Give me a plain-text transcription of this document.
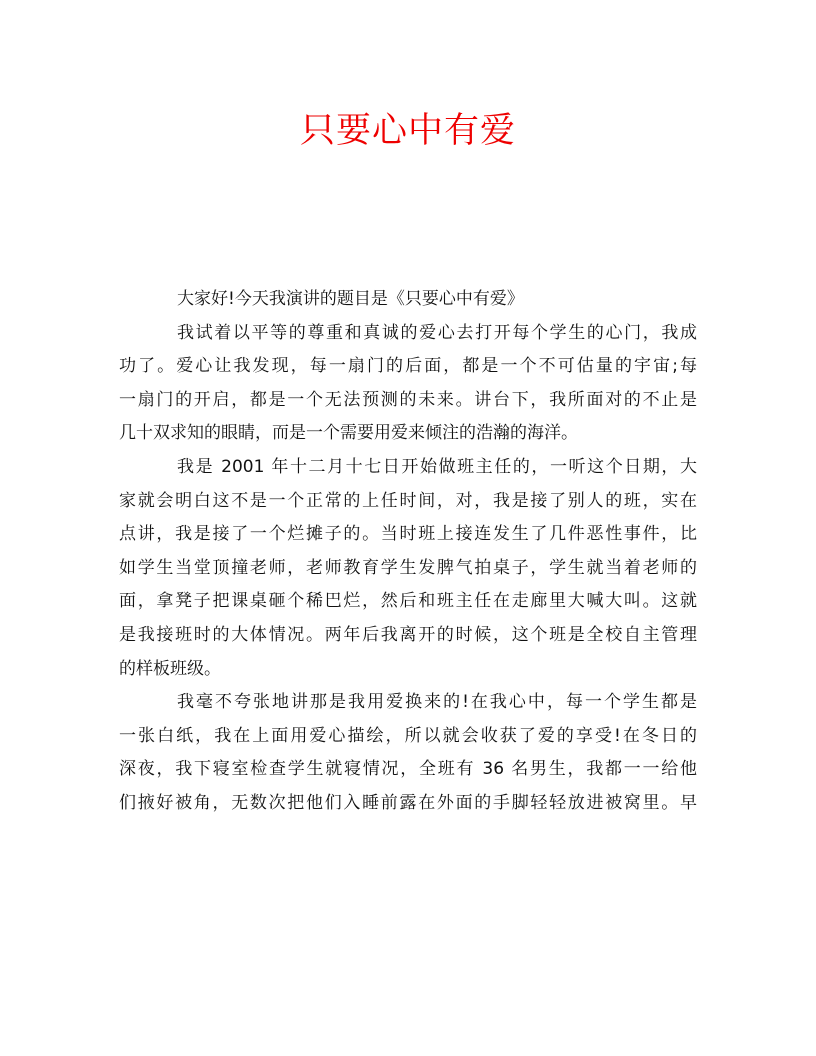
只要心中有爱
大家好!今天我演讲的题目是《只要心中有爱》
我试着以平等的尊重和真诚的爱心去打开每个学生的心门，我成
功了。爱心让我发现，每一扇门的后面，都是一个不可估量的宇宙;每
一扇门的开启，都是一个无法预测的未来。讲台下，我所面对的不止是
几十双求知的眼睛，而是一个需要用爱来倾注的浩瀚的海洋。
我是 2001 年十二月十七日开始做班主任的，一听这个日期，大
家就会明白这不是一个正常的上任时间，对，我是接了别人的班，实在
点讲，我是接了一个烂摊子的。当时班上接连发生了几件恶性事件，比
如学生当堂顶撞老师，老师教育学生发脾气拍桌子，学生就当着老师的
面，拿凳子把课桌砸个稀巴烂，然后和班主任在走廊里大喊大叫。这就
是我接班时的大体情况。两年后我离开的时候，这个班是全校自主管理
的样板班级。
我毫不夸张地讲那是我用爱换来的!在我心中，每一个学生都是
一张白纸，我在上面用爱心描绘，所以就会收获了爱的享受!在冬日的
深夜，我下寝室检查学生就寝情况，全班有 36 名男生，我都一一给他
们掖好被角，无数次把他们入睡前露在外面的手脚轻轻放进被窝里。早
